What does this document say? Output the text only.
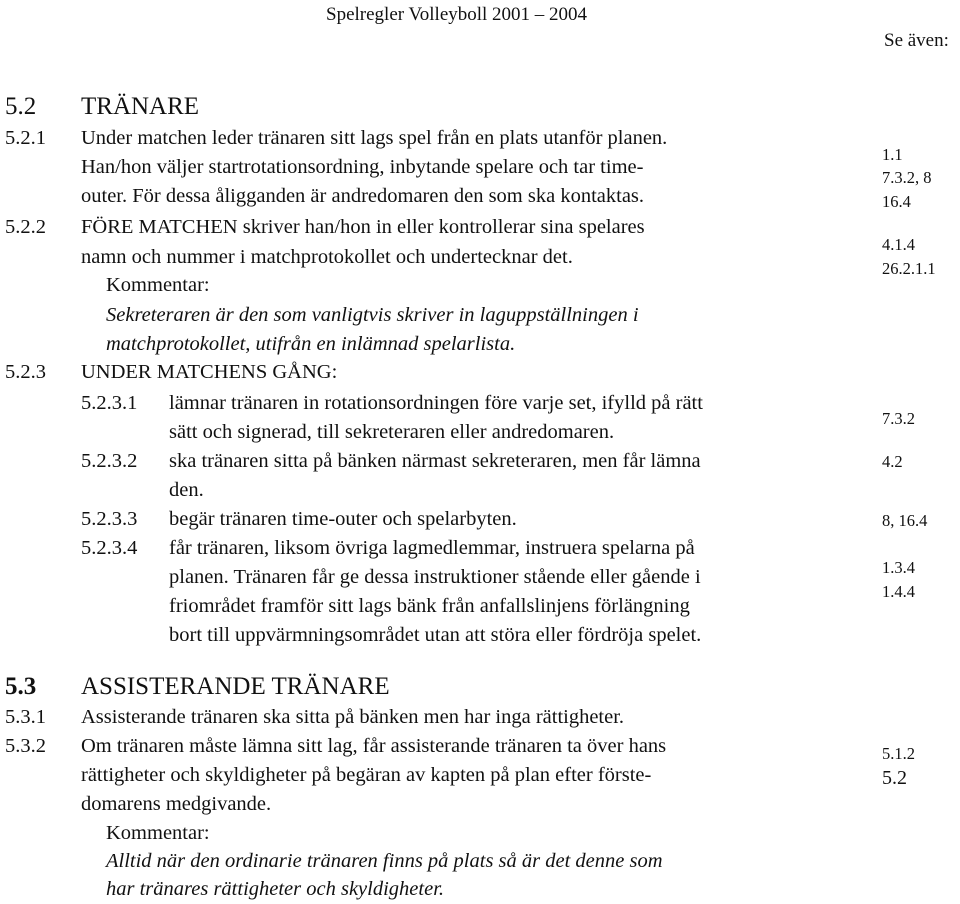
Spelregler Volleyboll 2001 – 2004
Se även:
5.2 TRÄNARE
5.2.1 Under matchen leder tränaren sitt lags spel från en plats utanför planen.
Han/hon väljer startrotationsordning, inbytande spelare och tar time-
outer. För dessa åligganden är andredomaren den som ska kontaktas.
5.2.2 FÖRE MATCHEN skriver han/hon in eller kontrollerar sina spelares
namn och nummer i matchprotokollet och undertecknar det.
Kommentar:
Sekreteraren är den som vanligtvis skriver in laguppställningen i
matchprotokollet, utifrån en inlämnad spelarlista.
5.2.3 UNDER MATCHENS GÅNG:
5.2.3.1 lämnar tränaren in rotationsordningen före varje set, ifylld på rätt
sätt och signerad, till sekreteraren eller andredomaren.
5.2.3.2 ska tränaren sitta på bänken närmast sekreteraren, men får lämna
den.
5.2.3.3 begär tränaren time-outer och spelarbyten.
5.2.3.4 får tränaren, liksom övriga lagmedlemmar, instruera spelarna på
planen. Tränaren får ge dessa instruktioner stående eller gående i
friområdet framför sitt lags bänk från anfallslinjens förlängning
bort till uppvärmningsområdet utan att störa eller fördröja spelet.
5.3 ASSISTERANDE TRÄNARE
5.3.1 Assisterande tränaren ska sitta på bänken men har inga rättigheter.
5.3.2 Om tränaren måste lämna sitt lag, får assisterande tränaren ta över hans
rättigheter och skyldigheter på begäran av kapten på plan efter förste-
domarens medgivande.
Kommentar:
Alltid när den ordinarie tränaren finns på plats så är det denne som
har tränares rättigheter och skyldigheter.
1.1
7.3.2, 8
16.4
4.1.4
26.2.1.1
7.3.2
4.2
8, 16.4
1.3.4
1.4.4
5.1.2
5.2
